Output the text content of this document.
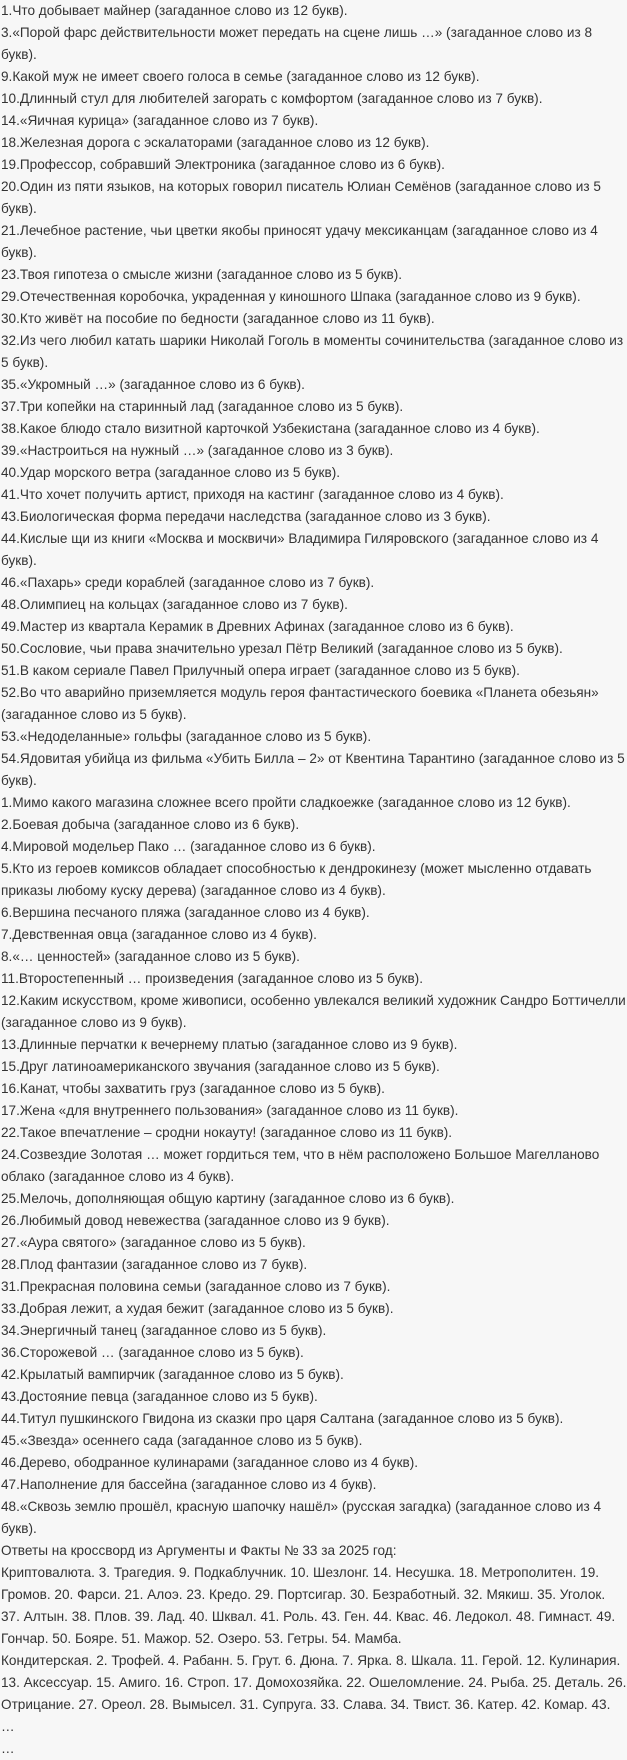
1.Что добывает майнер (загаданное слово из 12 букв).
3.«Порой фарс действительности может передать на сцене лишь …» (загаданное слово из 8 букв).
9.Какой муж не имеет своего голоса в семье (загаданное слово из 12 букв).
10.Длинный стул для любителей загорать с комфортом (загаданное слово из 7 букв).
14.«Яичная курица» (загаданное слово из 7 букв).
18.Железная дорога с эскалаторами (загаданное слово из 12 букв).
19.Профессор, собравший Электроника (загаданное слово из 6 букв).
20.Один из пяти языков, на которых говорил писатель Юлиан Семёнов (загаданное слово из 5 букв).
21.Лечебное растение, чьи цветки якобы приносят удачу мексиканцам (загаданное слово из 4 букв).
23.Твоя гипотеза о смысле жизни (загаданное слово из 5 букв).
29.Отечественная коробочка, украденная у киношного Шпака (загаданное слово из 9 букв).
30.Кто живёт на пособие по бедности (загаданное слово из 11 букв).
32.Из чего любил катать шарики Николай Гоголь в моменты сочинительства (загаданное слово из 5 букв).
35.«Укромный …» (загаданное слово из 6 букв).
37.Три копейки на старинный лад (загаданное слово из 5 букв).
38.Какое блюдо стало визитной карточкой Узбекистана (загаданное слово из 4 букв).
39.«Настроиться на нужный …» (загаданное слово из 3 букв).
40.Удар морского ветра (загаданное слово из 5 букв).
41.Что хочет получить артист, приходя на кастинг (загаданное слово из 4 букв).
43.Биологическая форма передачи наследства (загаданное слово из 3 букв).
44.Кислые щи из книги «Москва и москвичи» Владимира Гиляровского (загаданное слово из 4 букв).
46.«Пахарь» среди кораблей (загаданное слово из 7 букв).
48.Олимпиец на кольцах (загаданное слово из 7 букв).
49.Мастер из квартала Керамик в Древних Афинах (загаданное слово из 6 букв).
50.Сословие, чьи права значительно урезал Пётр Великий (загаданное слово из 5 букв).
51.В каком сериале Павел Прилучный опера играет (загаданное слово из 5 букв).
52.Во что аварийно приземляется модуль героя фантастического боевика «Планета обезьян» (загаданное слово из 5 букв).
53.«Недоделанные» гольфы (загаданное слово из 5 букв).
54.Ядовитая убийца из фильма «Убить Билла – 2» от Квентина Тарантино (загаданное слово из 5 букв).
1.Мимо какого магазина сложнее всего пройти сладкоежке (загаданное слово из 12 букв).
2.Боевая добыча (загаданное слово из 6 букв).
4.Мировой модельер Пако … (загаданное слово из 6 букв).
5.Кто из героев комиксов обладает способностью к дендрокинезу (может мысленно отдавать приказы любому куску дерева) (загаданное слово из 4 букв).
6.Вершина песчаного пляжа (загаданное слово из 4 букв).
7.Девственная овца (загаданное слово из 4 букв).
8.«… ценностей» (загаданное слово из 5 букв).
11.Второстепенный … произведения (загаданное слово из 5 букв).
12.Каким искусством, кроме живописи, особенно увлекался великий художник Сандро Боттичелли (загаданное слово из 9 букв).
13.Длинные перчатки к вечернему платью (загаданное слово из 9 букв).
15.Друг латиноамериканского звучания (загаданное слово из 5 букв).
16.Канат, чтобы захватить груз (загаданное слово из 5 букв).
17.Жена «для внутреннего пользования» (загаданное слово из 11 букв).
22.Такое впечатление – сродни нокауту! (загаданное слово из 11 букв).
24.Созвездие Золотая … может гордиться тем, что в нём расположено Большое Магелланово облако (загаданное слово из 4 букв).
25.Мелочь, дополняющая общую картину (загаданное слово из 6 букв).
26.Любимый довод невежества (загаданное слово из 9 букв).
27.«Аура святого» (загаданное слово из 5 букв).
28.Плод фантазии (загаданное слово из 7 букв).
31.Прекрасная половина семьи (загаданное слово из 7 букв).
33.Добрая лежит, а худая бежит (загаданное слово из 5 букв).
34.Энергичный танец (загаданное слово из 5 букв).
36.Сторожевой … (загаданное слово из 5 букв).
42.Крылатый вампирчик (загаданное слово из 5 букв).
43.Достояние певца (загаданное слово из 5 букв).
44.Титул пушкинского Гвидона из сказки про царя Салтана (загаданное слово из 5 букв).
45.«Звезда» осеннего сада (загаданное слово из 5 букв).
46.Дерево, ободранное кулинарами (загаданное слово из 4 букв).
47.Наполнение для бассейна (загаданное слово из 4 букв).
48.«Сквозь землю прошёл, красную шапочку нашёл» (русская загадка) (загаданное слово из 4 букв).
Ответы на кроссворд из Аргументы и Факты № 33 за 2025 год:
Криптовалюта. 3. Трагедия. 9. Подкаблучник. 10. Шезлонг. 14. Несушка. 18. Метрополитен. 19. Громов. 20. Фарси. 21. Алоэ. 23. Кредо. 29. Портсигар. 30. Безработный. 32. Мякиш. 35. Уголок. 37. Алтын. 38. Плов. 39. Лад. 40. Шквал. 41. Роль. 43. Ген. 44. Квас. 46. Ледокол. 48. Гимнаст. 49. Гончар. 50. Бояре. 51. Мажор. 52. Озеро. 53. Гетры. 54. Мамба.
Кондитерская. 2. Трофей. 4. Рабанн. 5. Грут. 6. Дюна. 7. Ярка. 8. Шкала. 11. Герой. 12. Кулинария. 13. Аксессуар. 15. Амиго. 16. Строп. 17. Домохозяйка. 22. Ошеломление. 24. Рыба. 25. Деталь. 26. Отрицание. 27. Ореол. 28. Вымысел. 31. Супруга. 33. Слава. 34. Твист. 36. Катер. 42. Комар. 43. …
…
